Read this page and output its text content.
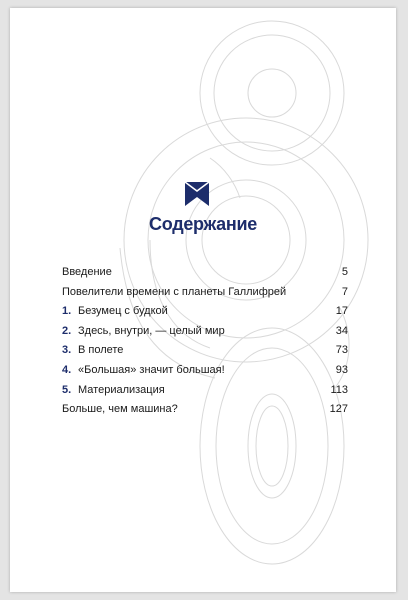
Содержание
Введение	5
Повелители времени с планеты Галлифрей	7
1. Безумец с будкой	17
2. Здесь, внутри, — целый мир	34
3. В полете	73
4. «Большая» значит большая!	93
5. Материализация	113
Больше, чем машина?	127
